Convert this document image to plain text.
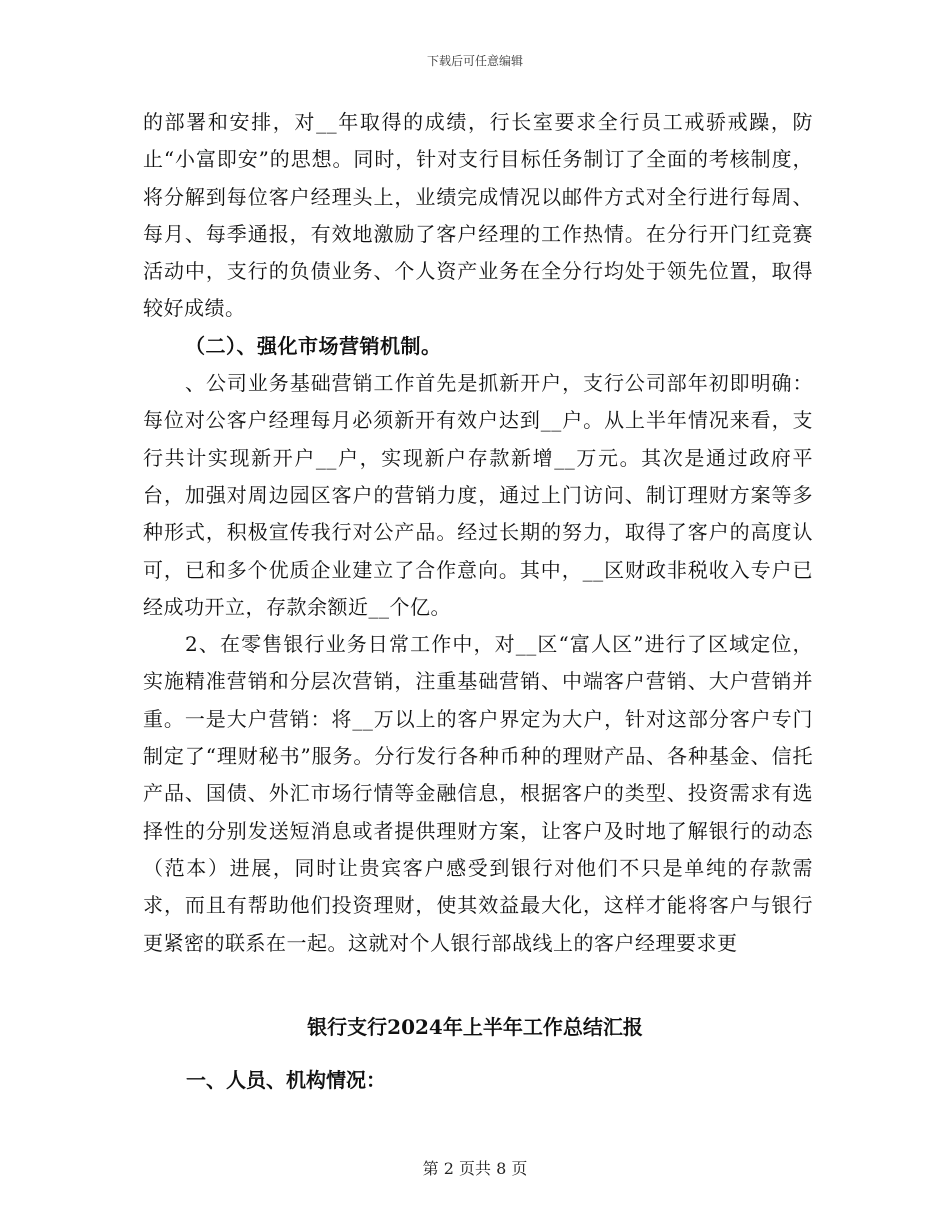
下载后可任意编辑

的部署和安排，对__年取得的成绩，行长室要求全行员工戒骄戒躁，防止“小富即安”的思想。同时，针对支行目标任务制订了全面的考核制度，将分解到每位客户经理头上，业绩完成情况以邮件方式对全行进行每周、每月、每季通报，有效地激励了客户经理的工作热情。在分行开门红竞赛活动中，支行的负债业务、个人资产业务在全分行均处于领先位置，取得较好成绩。

（二）、强化市场营销机制。

、公司业务基础营销工作首先是抓新开户，支行公司部年初即明确：每位对公客户经理每月必须新开有效户达到__户。从上半年情况来看，支行共计实现新开户__户，实现新户存款新增__万元。其次是通过政府平台，加强对周边园区客户的营销力度，通过上门访问、制订理财方案等多种形式，积极宣传我行对公产品。经过长期的努力，取得了客户的高度认可，已和多个优质企业建立了合作意向。其中，__区财政非税收入专户已经成功开立，存款余额近__个亿。

2、在零售银行业务日常工作中，对__区“富人区”进行了区域定位，实施精准营销和分层次营销，注重基础营销、中端客户营销、大户营销并重。一是大户营销：将__万以上的客户界定为大户，针对这部分客户专门制定了“理财秘书”服务。分行发行各种币种的理财产品、各种基金、信托产品、国债、外汇市场行情等金融信息，根据客户的类型、投资需求有选择性的分别发送短消息或者提供理财方案，让客户及时地了解银行的动态（范本）进展，同时让贵宾客户感受到银行对他们不只是单纯的存款需求，而且有帮助他们投资理财，使其效益最大化，这样才能将客户与银行更紧密的联系在一起。这就对个人银行部战线上的客户经理要求更

银行支行2024年上半年工作总结汇报
一、人员、机构情况：
第 2 页共 8 页
